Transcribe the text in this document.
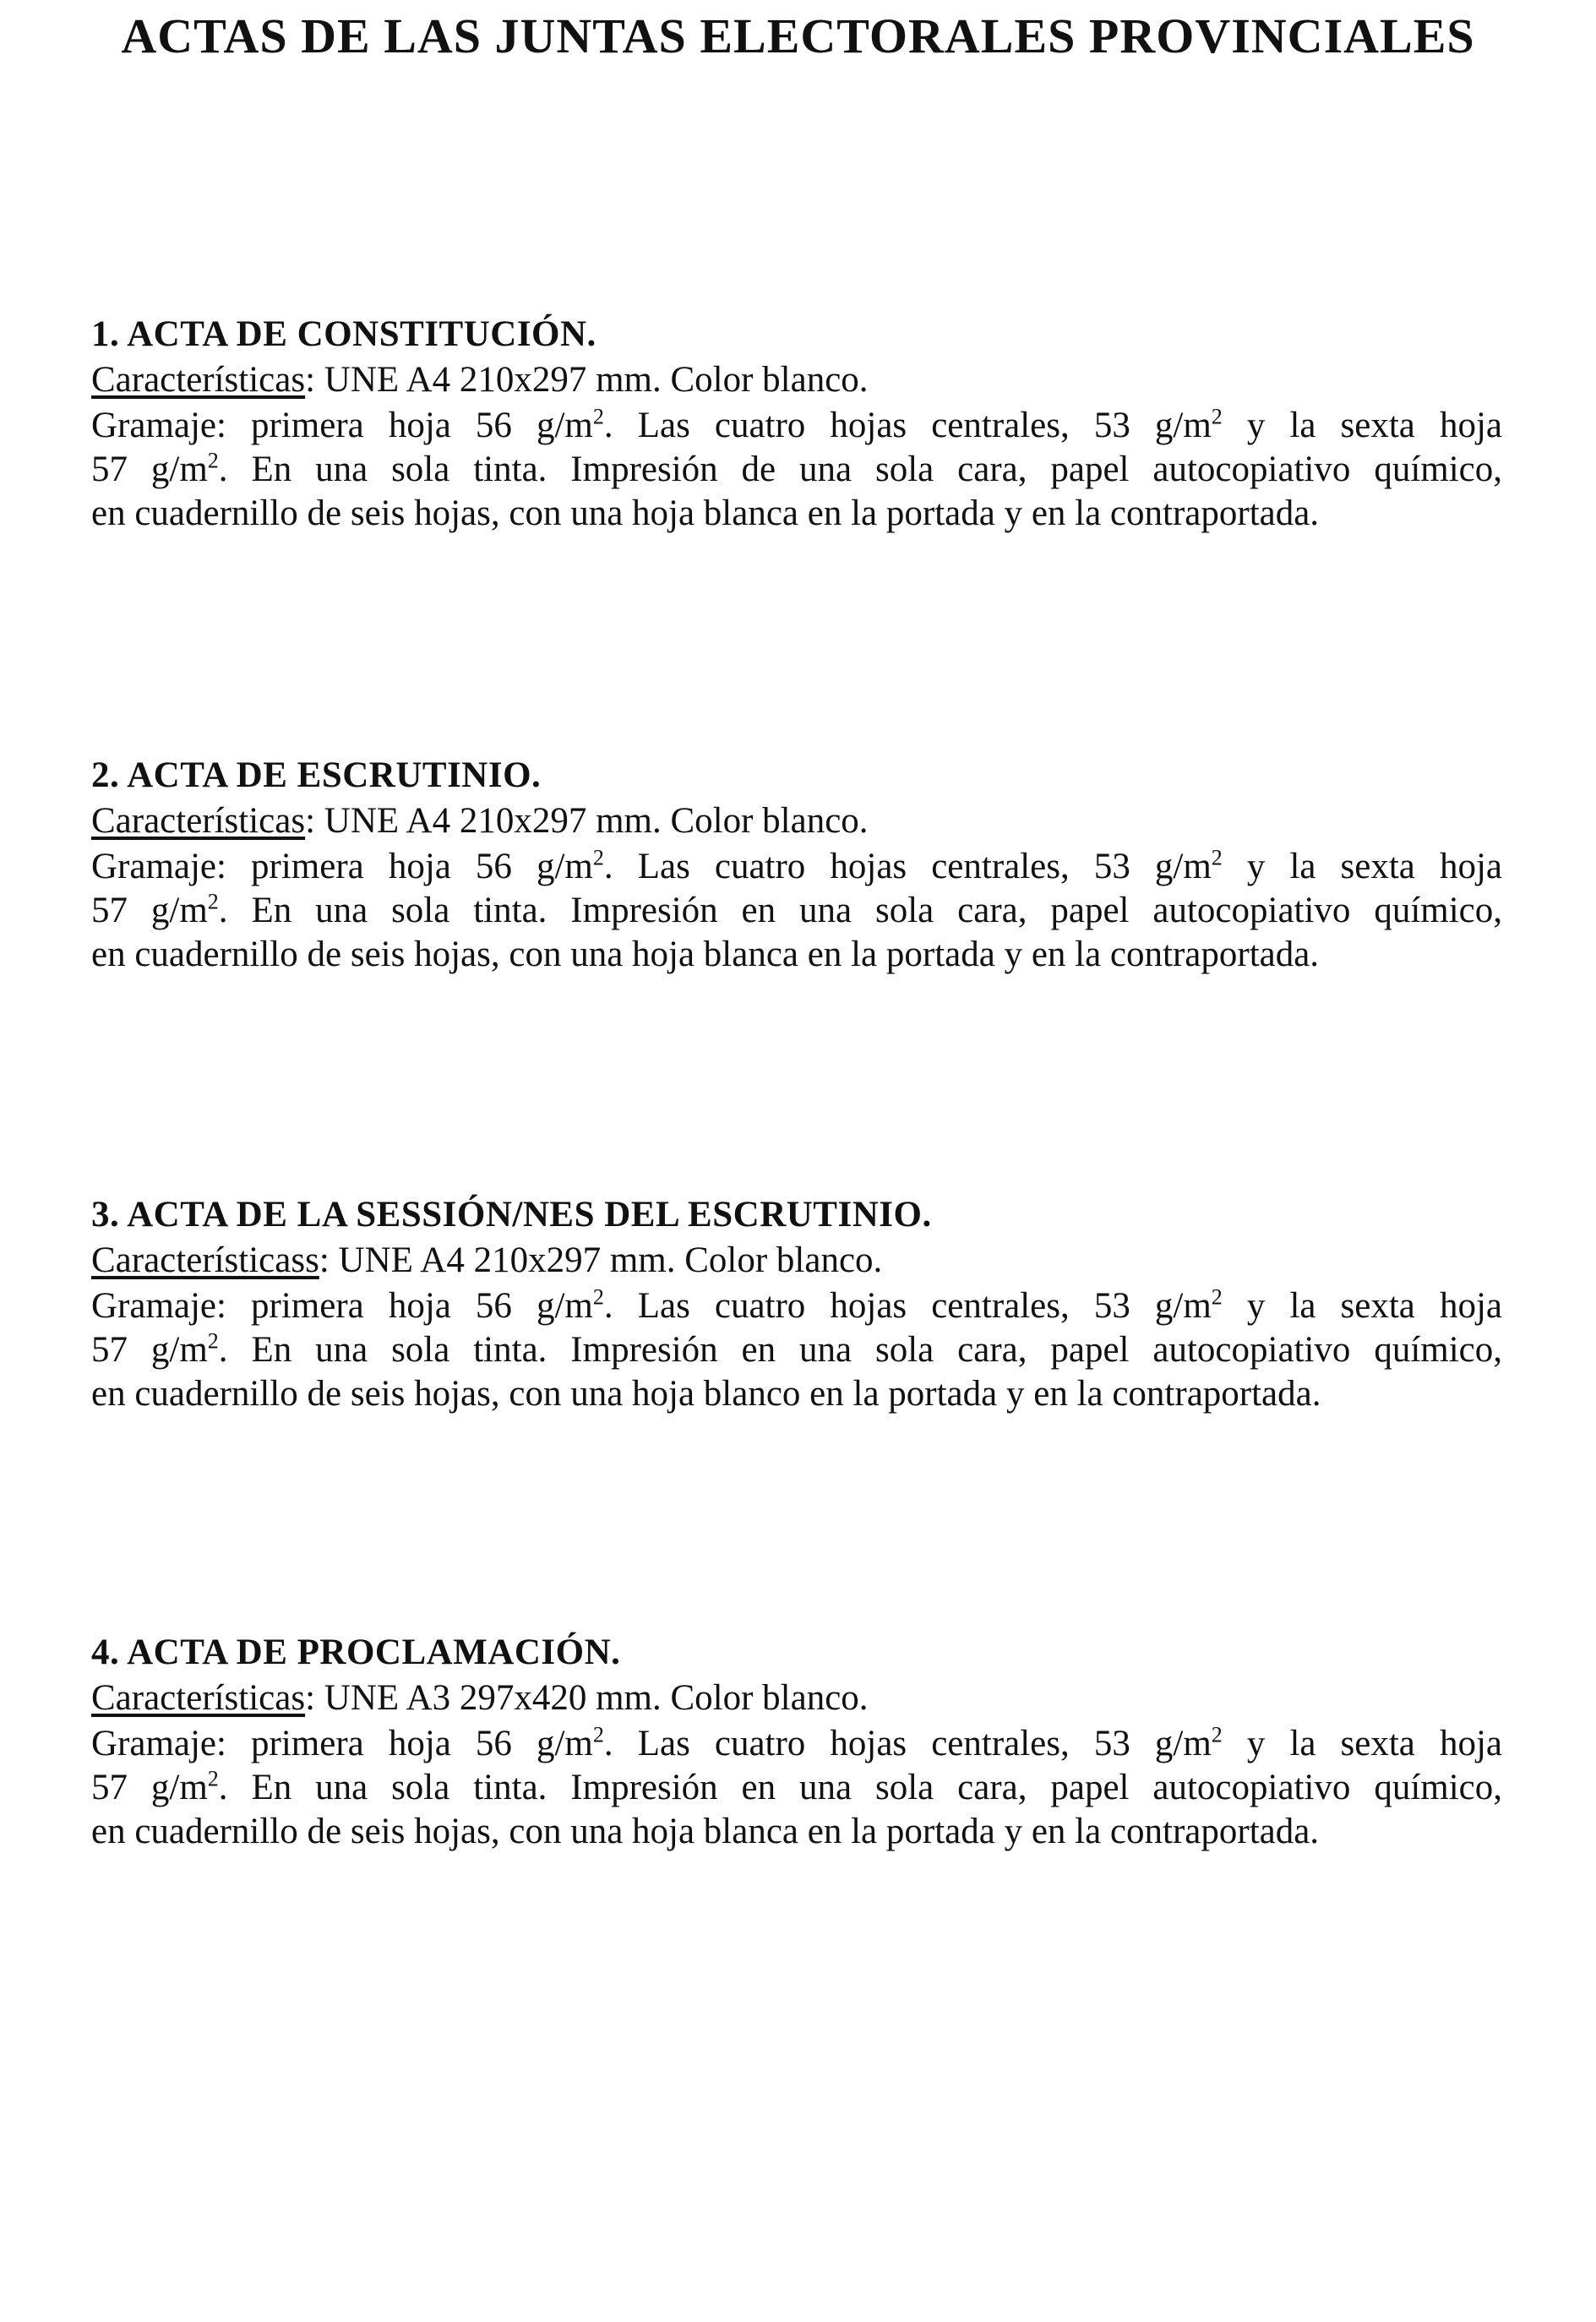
ACTAS DE LAS JUNTAS ELECTORALES PROVINCIALES
1. ACTA DE CONSTITUCIÓN.
Características: UNE A4 210x297 mm. Color blanco.
Gramaje: primera hoja 56 $g/m^2$. Las cuatro hojas centrales, 53 $g/m^2$ y la sexta hoja
57 $g/m^2$. En una sola tinta. Impresión de una sola cara, papel autocopiativo químico,
en cuadernillo de seis hojas, con una hoja blanca en la portada y en la contraportada.
2. ACTA DE ESCRUTINIO.
Características: UNE A4 210x297 mm. Color blanco.
Gramaje: primera hoja 56 $g/m^2$. Las cuatro hojas centrales, 53 $g/m^2$ y la sexta hoja
57 $g/m^2$. En una sola tinta. Impresión en una sola cara, papel autocopiativo químico,
en cuadernillo de seis hojas, con una hoja blanca en la portada y en la contraportada.
3. ACTA DE LA SESSIÓN/NES DEL ESCRUTINIO.
Característicass: UNE A4 210x297 mm. Color blanco.
Gramaje: primera hoja 56 $g/m^2$. Las cuatro hojas centrales, 53 $g/m^2$ y la sexta hoja
57 $g/m^2$. En una sola tinta. Impresión en una sola cara, papel autocopiativo químico,
en cuadernillo de seis hojas, con una hoja blanco en la portada y en la contraportada.
4. ACTA DE PROCLAMACIÓN.
Características: UNE A3 297x420 mm. Color blanco.
Gramaje: primera hoja 56 $g/m^2$. Las cuatro hojas centrales, 53 $g/m^2$ y la sexta hoja
57 $g/m^2$. En una sola tinta. Impresión en una sola cara, papel autocopiativo químico,
en cuadernillo de seis hojas, con una hoja blanca en la portada y en la contraportada.
